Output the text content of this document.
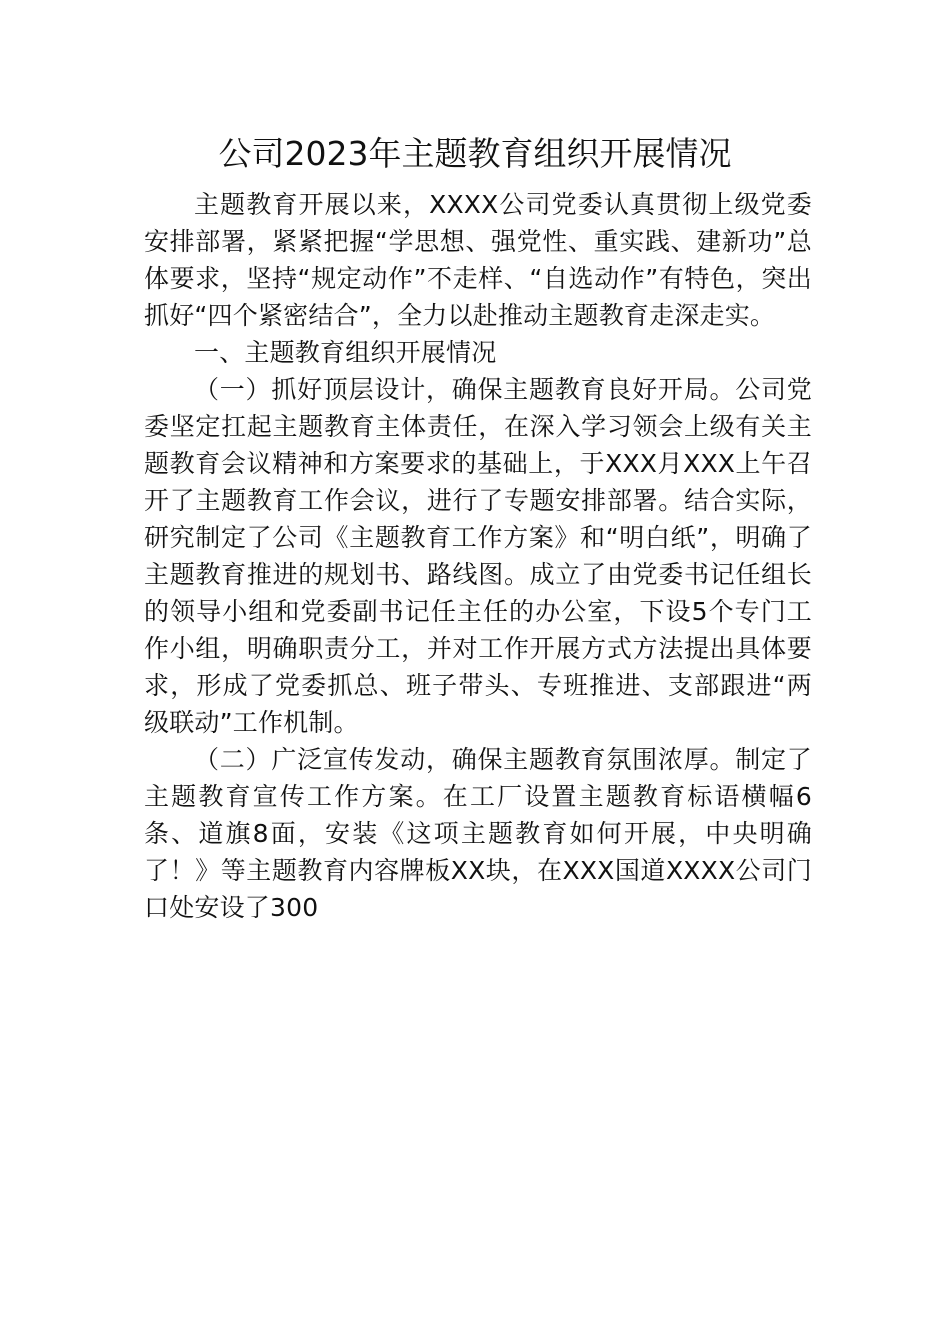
公司2023年主题教育组织开展情况

主题教育开展以来，XXXX公司党委认真贯彻上级党委安排部署，紧紧把握“学思想、强党性、重实践、建新功”总体要求，坚持“规定动作”不走样、“自选动作”有特色，突出抓好“四个紧密结合”，全力以赴推动主题教育走深走实。

一、主题教育组织开展情况

（一）抓好顶层设计，确保主题教育良好开局。公司党委坚定扛起主题教育主体责任，在深入学习领会上级有关主题教育会议精神和方案要求的基础上，于XXX月XXX上午召开了主题教育工作会议，进行了专题安排部署。结合实际，研究制定了公司《主题教育工作方案》和“明白纸”，明确了主题教育推进的规划书、路线图。成立了由党委书记任组长的领导小组和党委副书记任主任的办公室，下设5个专门工作小组，明确职责分工，并对工作开展方式方法提出具体要求，形成了党委抓总、班子带头、专班推进、支部跟进“两级联动”工作机制。

（二）广泛宣传发动，确保主题教育氛围浓厚。制定了主题教育宣传工作方案。在工厂设置主题教育标语横幅6条、道旗8面，安装《这项主题教育如何开展，中央明确了！》等主题教育内容牌板XX块，在XXX国道XXXX公司门口处安设了300
